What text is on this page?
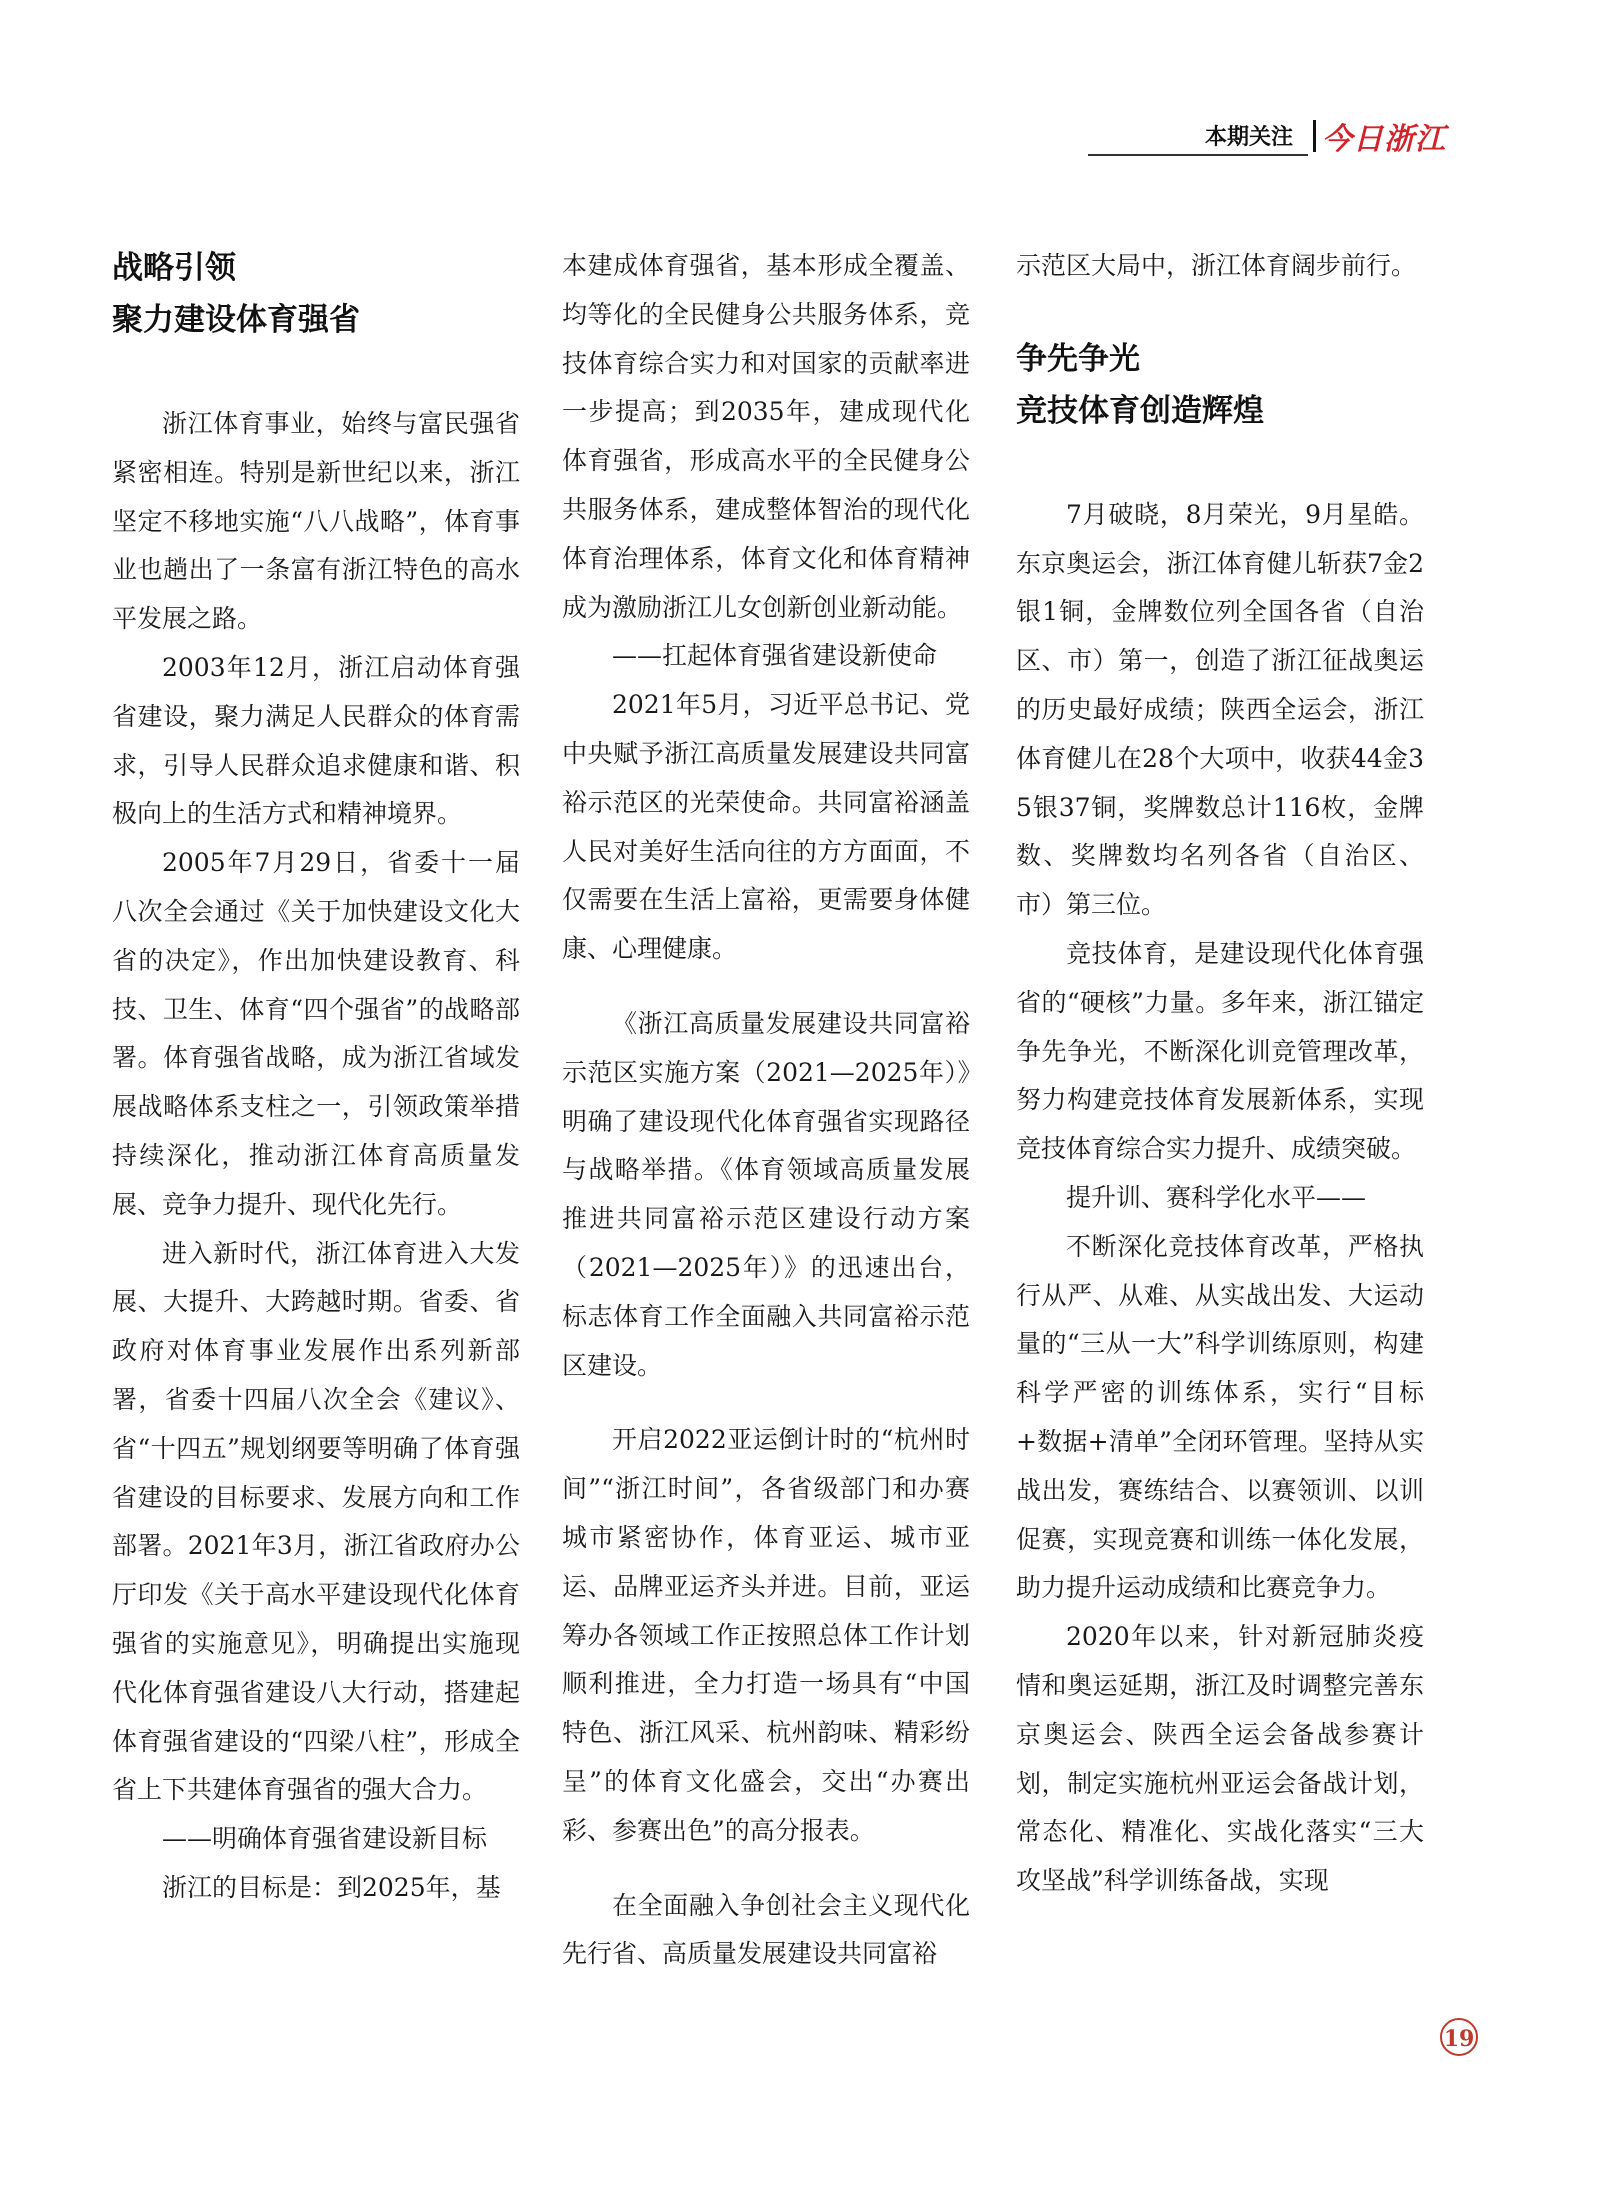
本期关注 今日浙江
战略引领
聚力建设体育强省

浙江体育事业，始终与富民强省紧密相连。特别是新世纪以来，浙江坚定不移地实施“八八战略”，体育事业也趟出了一条富有浙江特色的高水平发展之路。

2003年12月，浙江启动体育强省建设，聚力满足人民群众的体育需求，引导人民群众追求健康和谐、积极向上的生活方式和精神境界。

2005年7月29日，省委十一届八次全会通过《关于加快建设文化大省的决定》，作出加快建设教育、科技、卫生、体育“四个强省”的战略部署。体育强省战略，成为浙江省域发展战略体系支柱之一，引领政策举措持续深化，推动浙江体育高质量发展、竞争力提升、现代化先行。

进入新时代，浙江体育进入大发展、大提升、大跨越时期。省委、省政府对体育事业发展作出系列新部署，省委十四届八次全会《建议》、省“十四五”规划纲要等明确了体育强省建设的目标要求、发展方向和工作部署。2021年3月，浙江省政府办公厅印发《关于高水平建设现代化体育强省的实施意见》，明确提出实施现代化体育强省建设八大行动，搭建起体育强省建设的“四梁八柱”，形成全省上下共建体育强省的强大合力。

——明确体育强省建设新目标

浙江的目标是：到2025年，基

本建成体育强省，基本形成全覆盖、均等化的全民健身公共服务体系，竞技体育综合实力和对国家的贡献率进一步提高；到2035年，建成现代化体育强省，形成高水平的全民健身公共服务体系，建成整体智治的现代化体育治理体系，体育文化和体育精神成为激励浙江儿女创新创业新动能。

——扛起体育强省建设新使命

2021年5月，习近平总书记、党中央赋予浙江高质量发展建设共同富裕示范区的光荣使命。共同富裕涵盖人民对美好生活向往的方方面面，不仅需要在生活上富裕，更需要身体健康、心理健康。

《浙江高质量发展建设共同富裕示范区实施方案（2021—2025年）》明确了建设现代化体育强省实现路径与战略举措。《体育领域高质量发展推进共同富裕示范区建设行动方案（2021—2025年）》的迅速出台，标志体育工作全面融入共同富裕示范区建设。

开启2022亚运倒计时的“杭州时间”“浙江时间”，各省级部门和办赛城市紧密协作，体育亚运、城市亚运、品牌亚运齐头并进。目前，亚运筹办各领域工作正按照总体工作计划顺利推进，全力打造一场具有“中国特色、浙江风采、杭州韵味、精彩纷呈”的体育文化盛会，交出“办赛出彩、参赛出色”的高分报表。

在全面融入争创社会主义现代化先行省、高质量发展建设共同富裕

示范区大局中，浙江体育阔步前行。

争先争光
竞技体育创造辉煌

7月破晓，8月荣光，9月星皓。东京奥运会，浙江体育健儿斩获7金2银1铜，金牌数位列全国各省（自治区、市）第一，创造了浙江征战奥运的历史最好成绩；陕西全运会，浙江体育健儿在28个大项中，收获44金35银37铜，奖牌数总计116枚，金牌数、奖牌数均名列各省（自治区、市）第三位。

竞技体育，是建设现代化体育强省的“硬核”力量。多年来，浙江锚定争先争光，不断深化训竞管理改革，努力构建竞技体育发展新体系，实现竞技体育综合实力提升、成绩突破。

提升训、赛科学化水平——

不断深化竞技体育改革，严格执行从严、从难、从实战出发、大运动量的“三从一大”科学训练原则，构建科学严密的训练体系，实行“目标+数据+清单”全闭环管理。坚持从实战出发，赛练结合、以赛领训、以训促赛，实现竞赛和训练一体化发展，助力提升运动成绩和比赛竞争力。

2020年以来，针对新冠肺炎疫情和奥运延期，浙江及时调整完善东京奥运会、陕西全运会备战参赛计划，制定实施杭州亚运会备战计划，常态化、精准化、实战化落实“三大攻坚战”科学训练备战，实现

19
